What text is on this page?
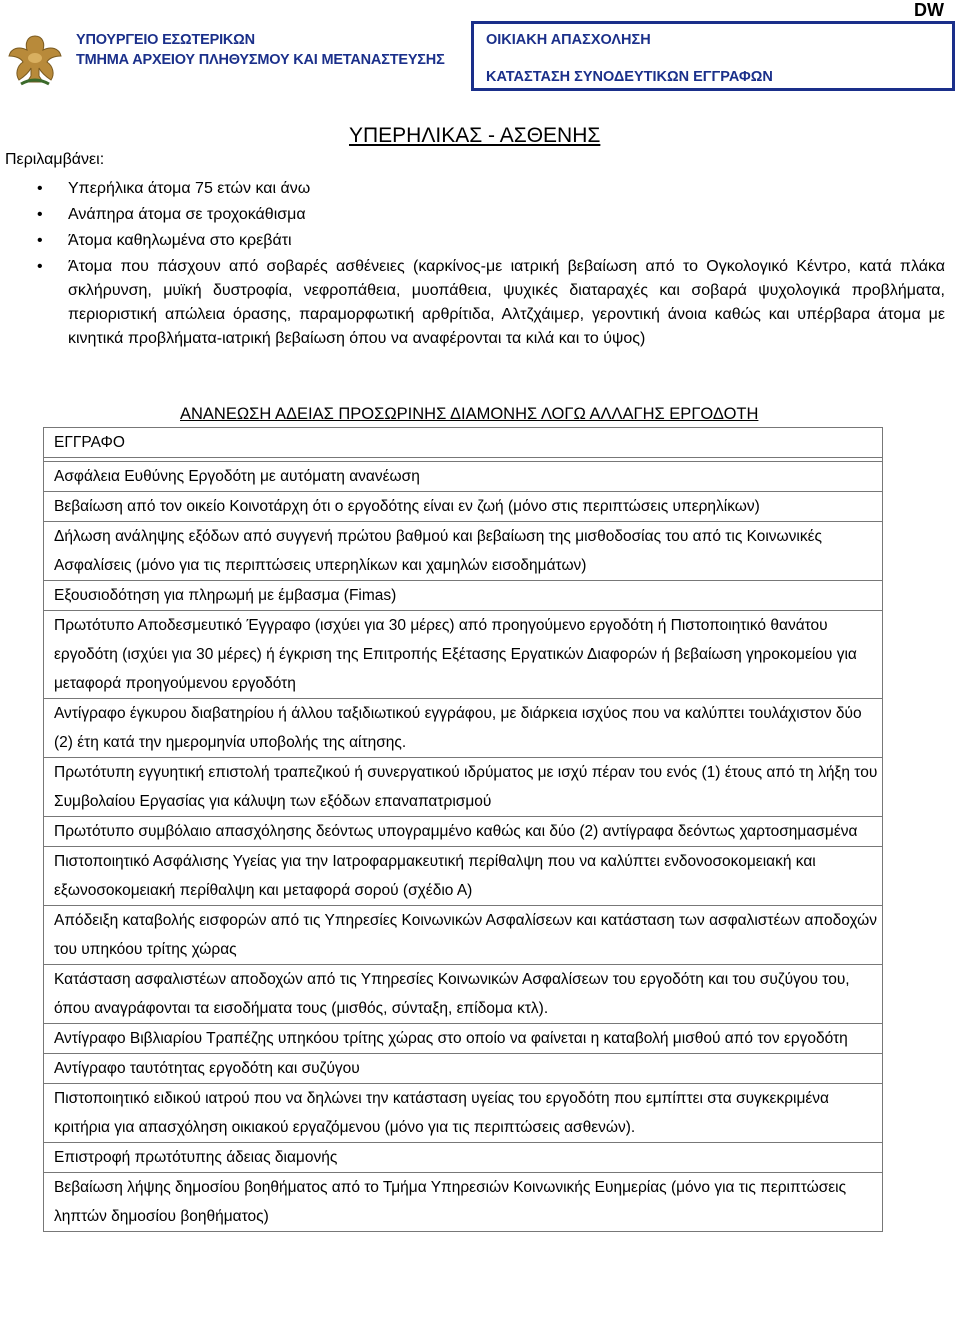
ΥΠΟΥΡΓΕΙΟ ΕΣΩΤΕΡΙΚΩΝ
ΤΜΗΜΑ ΑΡΧΕΙΟΥ ΠΛΗΘΥΣΜΟΥ ΚΑΙ ΜΕΤΑΝΑΣΤΕΥΣΗΣ
ΟΙΚΙΑΚΗ ΑΠΑΣΧΟΛΗΣΗ
ΚΑΤΑΣΤΑΣΗ ΣΥΝΟΔΕΥΤΙΚΩΝ ΕΓΓΡΑΦΩΝ
DW
ΥΠΕΡΗΛΙΚΑΣ - ΑΣΘΕΝΗΣ
Περιλαμβάνει:
• Υπερήλικα άτομα 75 ετών και άνω
• Ανάπηρα άτομα σε τροχοκάθισμα
• Άτομα καθηλωμένα στο κρεβάτι
• Άτομα που πάσχουν από σοβαρές ασθένειες (καρκίνος-με ιατρική βεβαίωση από το Ογκολογικό Κέντρο, κατά πλάκα σκλήρυνση, μυϊκή δυστροφία, νεφροπάθεια, μυοπάθεια, ψυχικές διαταραχές και σοβαρά ψυχολογικά προβλήματα, περιοριστική απώλεια όρασης, παραμορφωτική αρθρίτιδα, Αλτζχάιμερ, γεροντική άνοια καθώς και υπέρβαρα άτομα με κινητικά προβλήματα-ιατρική βεβαίωση όπου να αναφέρονται τα κιλά και το ύψος)
ΑΝΑΝΕΩΣΗ ΑΔΕΙΑΣ ΠΡΟΣΩΡΙΝΗΣ ΔΙΑΜΟΝΗΣ ΛΟΓΩ ΑΛΛΑΓΗΣ ΕΡΓΟΔΟΤΗ
ΕΓΓΡΑΦΟ

Ασφάλεια Ευθύνης Εργοδότη με αυτόματη ανανέωση
Βεβαίωση από τον οικείο Κοινοτάρχη ότι ο εργοδότης είναι εν ζωή (μόνο στις περιπτώσεις υπερηλίκων)
Δήλωση ανάληψης εξόδων από συγγενή πρώτου βαθμού και βεβαίωση της μισθοδοσίας του από τις Κοινωνικές Ασφαλίσεις (μόνο για τις περιπτώσεις υπερηλίκων και χαμηλών εισοδημάτων)
Εξουσιοδότηση για πληρωμή με έμβασμα (Fimas)
Πρωτότυπο Αποδεσμευτικό Έγγραφο (ισχύει για 30 μέρες) από προηγούμενο εργοδότη ή Πιστοποιητικό θανάτου εργοδότη (ισχύει για 30 μέρες) ή έγκριση της Επιτροπής Εξέτασης Εργατικών Διαφορών ή βεβαίωση γηροκομείου για μεταφορά προηγούμενου εργοδότη
Αντίγραφο έγκυρου διαβατηρίου ή άλλου ταξιδιωτικού εγγράφου, με διάρκεια ισχύος που να καλύπτει τουλάχιστον δύο (2) έτη κατά την ημερομηνία υποβολής της αίτησης.
Πρωτότυπη εγγυητική επιστολή τραπεζικού ή συνεργατικού ιδρύματος με ισχύ πέραν του ενός (1) έτους από τη λήξη του Συμβολαίου Εργασίας για κάλυψη των εξόδων επαναπατρισμού
Πρωτότυπο συμβόλαιο απασχόλησης δεόντως υπογραμμένο καθώς και δύο (2) αντίγραφα δεόντως χαρτοσημασμένα
Πιστοποιητικό Ασφάλισης Υγείας για την Ιατροφαρμακευτική περίθαλψη που να καλύπτει ενδονοσοκομειακή και εξωνοσοκομειακή περίθαλψη και μεταφορά σορού (σχέδιο Α)
Απόδειξη καταβολής εισφορών από τις Υπηρεσίες Κοινωνικών Ασφαλίσεων και κατάσταση των ασφαλιστέων αποδοχών του υπηκόου τρίτης χώρας
Κατάσταση ασφαλιστέων αποδοχών από τις Υπηρεσίες Κοινωνικών Ασφαλίσεων του εργοδότη και του συζύγου του, όπου αναγράφονται τα εισοδήματα τους (μισθός, σύνταξη, επίδομα κτλ).
Αντίγραφο Βιβλιαρίου Τραπέζης υπηκόου τρίτης χώρας στο οποίο να φαίνεται η καταβολή μισθού από τον εργοδότη
Αντίγραφο ταυτότητας εργοδότη και συζύγου
Πιστοποιητικό ειδικού ιατρού που να δηλώνει την κατάσταση υγείας του εργοδότη που εμπίπτει στα συγκεκριμένα κριτήρια για απασχόληση οικιακού εργαζόμενου (μόνο για τις περιπτώσεις ασθενών).
Επιστροφή πρωτότυπης άδειας διαμονής
Βεβαίωση λήψης δημοσίου βοηθήματος από το Τμήμα Υπηρεσιών Κοινωνικής Ευημερίας (μόνο για τις περιπτώσεις ληπτών δημοσίου βοηθήματος)
